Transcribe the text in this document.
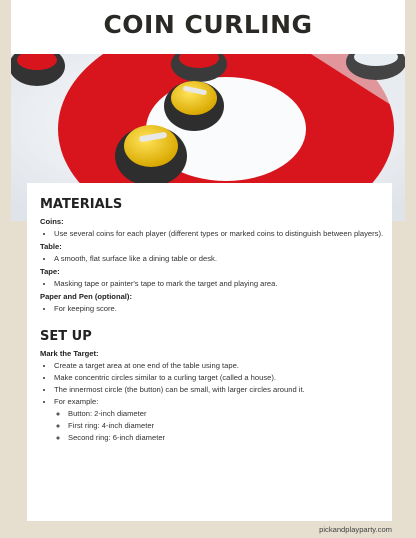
COIN CURLING
MATERIALS
Coins:
• Use several coins for each player (different types or marked coins to distinguish between players).
Table:
• A smooth, flat surface like a dining table or desk.
Tape:
• Masking tape or painter's tape to mark the target and playing area.
Paper and Pen (optional):
• For keeping score.
SET UP
Mark the Target:
• Create a target area at one end of the table using tape.
• Make concentric circles similar to a curling target (called a house).
• The innermost circle (the button) can be small, with larger circles around it.
• For example:
◦ Button: 2-inch diameter
◦ First ring: 4-inch diameter
◦ Second ring: 6-inch diameter
pickandplayparty.com
